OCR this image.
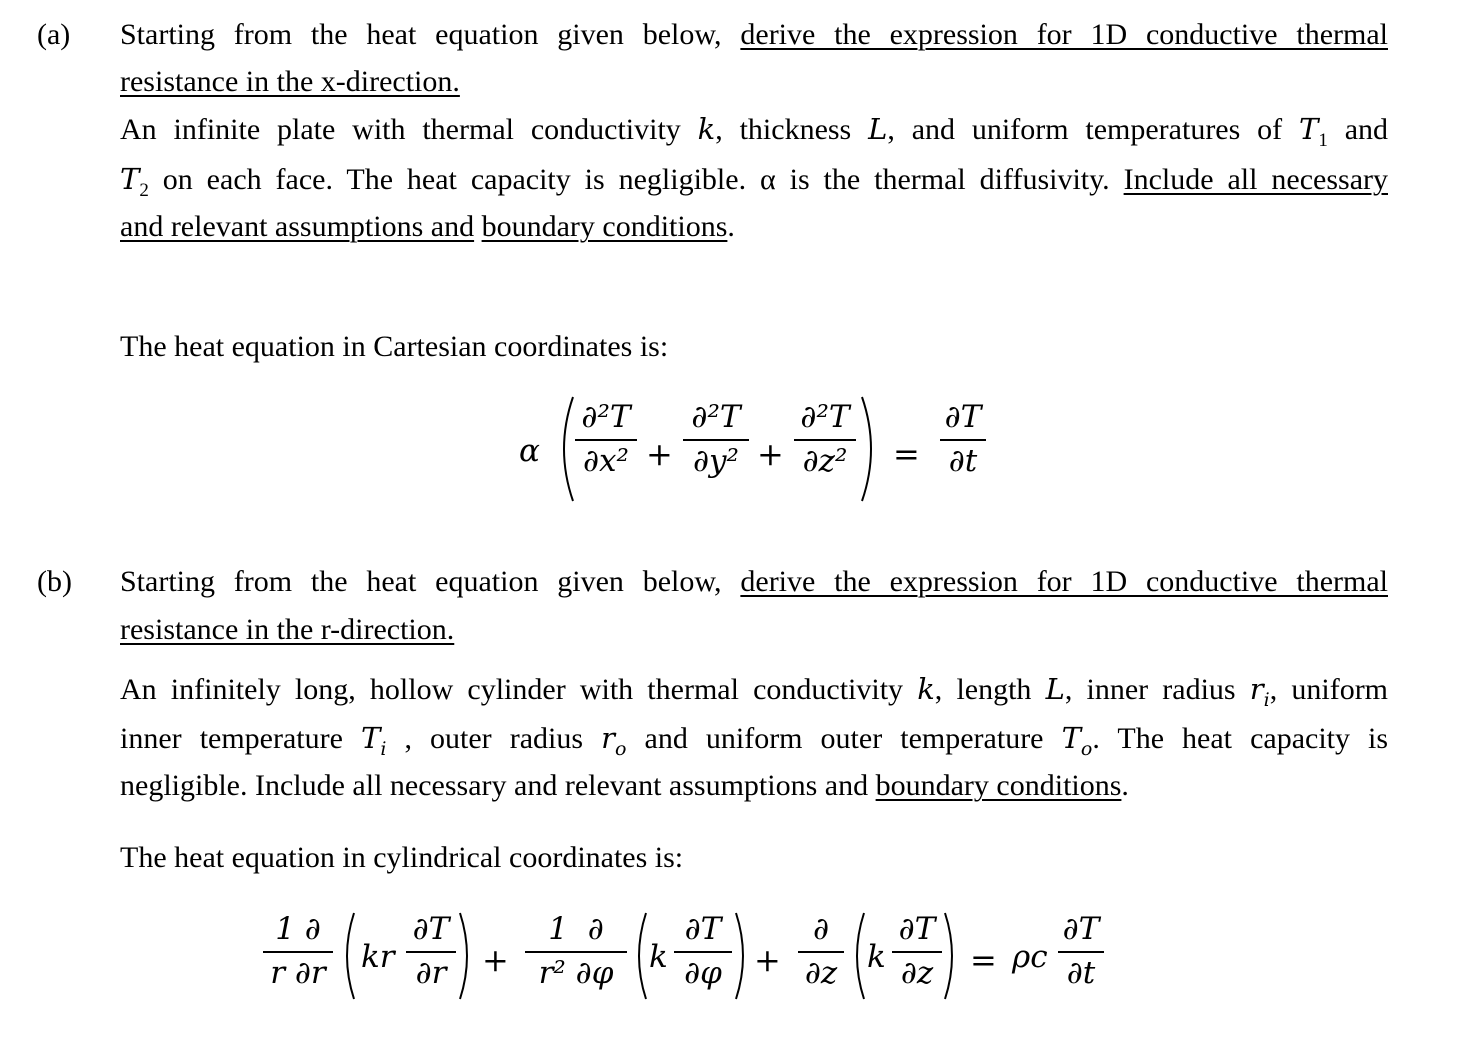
(a) Starting from the heat equation given below, derive the expression for 1D conductive thermal
resistance in the x-direction.
An infinite plate with thermal conductivity k, thickness L, and uniform temperatures of $T_1$ and
$T_2$ on each face. The heat capacity is negligible. α is the thermal diffusivity. Include all necessary
and relevant assumptions and boundary conditions.
The heat equation in Cartesian coordinates is:
α $\frac{\text{∂²T}}{\text{∂x²}} + \frac{\text{∂²T}}{\text{∂y²}} + \frac{\text{∂²T}}{\text{∂z²}} = \frac{\partial T}{\partial t}$
(b) Starting from the heat equation given below, derive the expression for 1D conductive thermal
resistance in the r-direction.
An infinitely long, hollow cylinder with thermal conductivity k, length L, inner radius $r_i$, uniform
inner temperature $T_i$ , outer radius $r_o$ and uniform outer temperature $T_o$. The heat capacity is
negligible. Include all necessary and relevant assumptions and boundary conditions.
The heat equation in cylindrical coordinates is:
$\frac{1 \partial}{r \partial r}$ kr $\frac{\partial T}{\partial r} + \frac{1 \partial}{\text{r² ∂φ}}$ k $\frac{\partial T}{\partial\varphi}$ +
∂
∂z k $\frac{\partial T}{\partial z} = \rho c \frac{\partial T}{\partial t}$
